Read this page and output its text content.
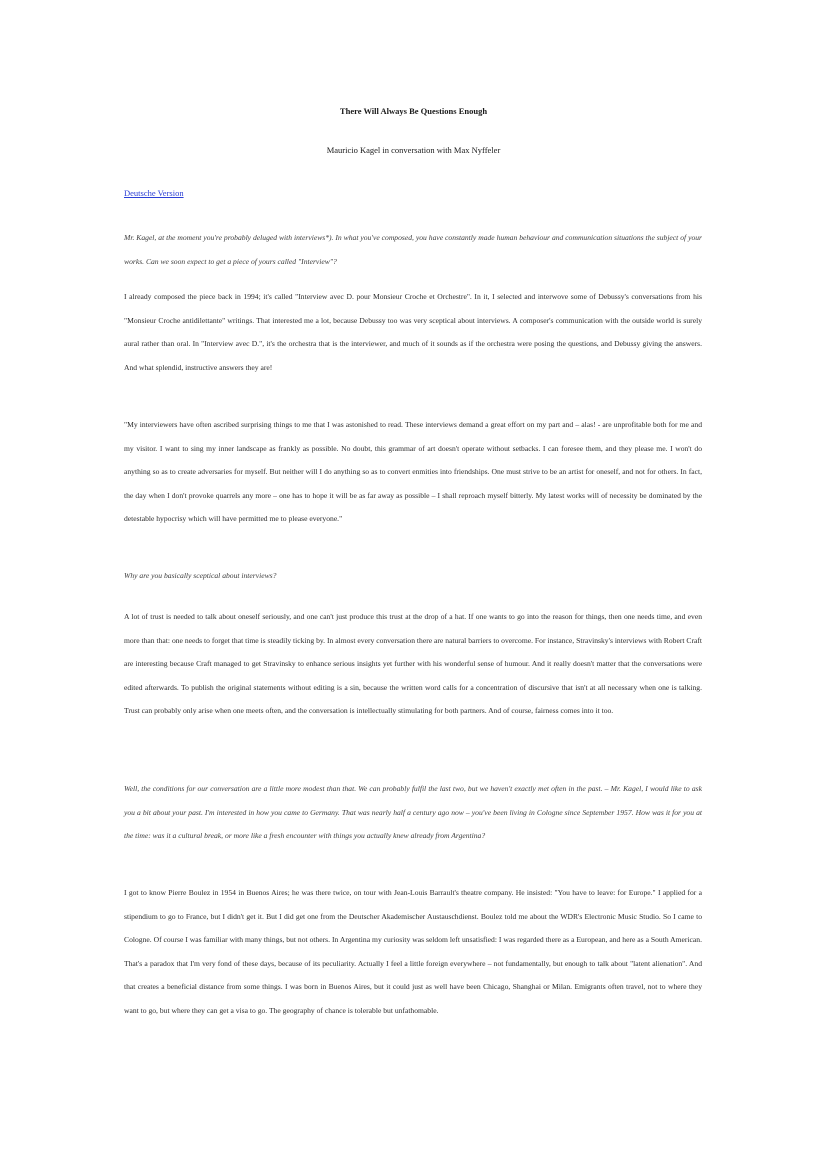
There Will Always Be Questions Enough
Mauricio Kagel in conversation with Max Nyffeler
Deutsche Version

Mr. Kagel, at the moment you're probably deluged with interviews*). In what you've composed, you have constantly made human behaviour and communication situations the subject of your works. Can we soon expect to get a piece of yours called "Interview"?

I already composed the piece back in 1994; it's called "Interview avec D. pour Monsieur Croche et Orchestre". In it, I selected and interwove some of Debussy's conversations from his "Monsieur Croche antidilettante" writings. That interested me a lot, because Debussy too was very sceptical about interviews. A composer's communication with the outside world is surely aural rather than oral. In "Interview avec D.", it's the orchestra that is the interviewer, and much of it sounds as if the orchestra were posing the questions, and Debussy giving the answers. And what splendid, instructive answers they are!

"My interviewers have often ascribed surprising things to me that I was astonished to read. These interviews demand a great effort on my part and – alas! - are unprofitable both for me and my visitor. I want to sing my inner landscape as frankly as possible. No doubt, this grammar of art doesn't operate without setbacks. I can foresee them, and they please me. I won't do anything so as to create adversaries for myself. But neither will I do anything so as to convert enmities into friendships. One must strive to be an artist for oneself, and not for others. In fact, the day when I don't provoke quarrels any more – one has to hope it will be as far away as possible – I shall reproach myself bitterly. My latest works will of necessity be dominated by the detestable hypocrisy which will have permitted me to please everyone."

Why are you basically sceptical about interviews?

A lot of trust is needed to talk about oneself seriously, and one can't just produce this trust at the drop of a hat. If one wants to go into the reason for things, then one needs time, and even more than that: one needs to forget that time is steadily ticking by. In almost every conversation there are natural barriers to overcome. For instance, Stravinsky's interviews with Robert Craft are interesting because Craft managed to get Stravinsky to enhance serious insights yet further with his wonderful sense of humour. And it really doesn't matter that the conversations were edited afterwards. To publish the original statements without editing is a sin, because the written word calls for a concentration of discursive that isn't at all necessary when one is talking. Trust can probably only arise when one meets often, and the conversation is intellectually stimulating for both partners. And of course, fairness comes into it too.

Well, the conditions for our conversation are a little more modest than that. We can probably fulfil the last two, but we haven't exactly met often in the past. – Mr. Kagel, I would like to ask you a bit about your past. I'm interested in how you came to Germany. That was nearly half a century ago now – you've been living in Cologne since September 1957. How was it for you at the time: was it a cultural break, or more like a fresh encounter with things you actually knew already from Argentina?

I got to know Pierre Boulez in 1954 in Buenos Aires; he was there twice, on tour with Jean-Louis Barrault's theatre company. He insisted: "You have to leave: for Europe." I applied for a stipendium to go to France, but I didn't get it. But I did get one from the Deutscher Akademischer Austauschdienst. Boulez told me about the WDR's Electronic Music Studio. So I came to Cologne. Of course I was familiar with many things, but not others. In Argentina my curiosity was seldom left unsatisfied: I was regarded there as a European, and here as a South American. That's a paradox that I'm very fond of these days, because of its peculiarity. Actually I feel a little foreign everywhere – not fundamentally, but enough to talk about "latent alienation". And that creates a beneficial distance from some things. I was born in Buenos Aires, but it could just as well have been Chicago, Shanghai or Milan. Emigrants often travel, not to where they want to go, but where they can get a visa to go. The geography of chance is tolerable but unfathomable.
